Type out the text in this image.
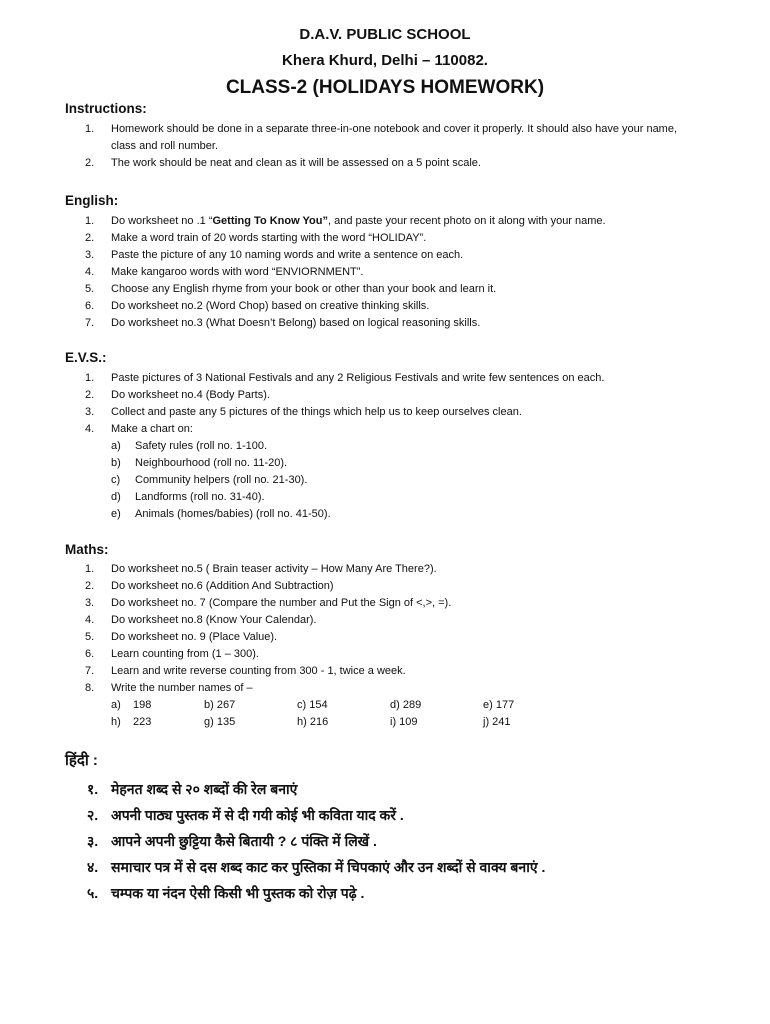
D.A.V. PUBLIC SCHOOL
Khera Khurd, Delhi – 110082.
CLASS-2 (HOLIDAYS HOMEWORK)
Instructions:
1.	Homework should be done in a separate three-in-one notebook and cover it properly. It should also have your name, class and roll number.
2.	The work should be neat and clean as it will be assessed on a 5 point scale.
English:
1.	Do worksheet no .1 “Getting To Know You”, and paste your recent photo on it along with your name.
2.	Make a word train of 20 words starting with the word “HOLIDAY”.
3.	Paste the picture of any 10 naming words and write a sentence on each.
4.	Make kangaroo words with word “ENVIORNMENT”.
5.	Choose any English rhyme from your book or other than your book and learn it.
6.	Do worksheet no.2 (Word Chop) based on creative thinking skills.
7.	Do worksheet no.3 (What Doesn’t Belong) based on logical reasoning skills.
E.V.S.:
1.	Paste pictures of 3 National Festivals and any 2 Religious Festivals and write few sentences on each.
2.	Do worksheet no.4 (Body Parts).
3.	Collect and paste any 5 pictures of the things which help us to keep ourselves clean.
4.	Make a chart on:
a) Safety rules (roll no. 1-100.
b) Neighbourhood (roll no. 11-20).
c) Community helpers (roll no. 21-30).
d) Landforms (roll no. 31-40).
e) Animals (homes/babies) (roll no. 41-50).
Maths:
1.	Do worksheet no.5 ( Brain teaser activity – How Many Are There?).
2.	Do worksheet no.6 (Addition And Subtraction)
3.	Do worksheet no. 7 (Compare the number and Put the Sign of <,>, =).
4.	Do worksheet no.8 (Know Your Calendar).
5.	Do worksheet no. 9 (Place Value).
6.	Learn counting from (1 – 300).
7.	Learn and write reverse counting from 300 - 1, twice a week.
8.	Write the number names of –
a)    198	b) 267	c) 154	d) 289	e) 177
h)    223	g) 135	h) 216	i) 109	j) 241
हिंदी :
१. मेहनत शब्द से २० शब्दों की रेल बनाएं
२. अपनी पाठ्य पुस्तक में से दी गयी कोई भी कविता याद करें .
३. आपने अपनी छुट्टिया कैसे बितायी ? ८ पंक्ति में लिखें .
४. समाचार पत्र में से दस शब्द काट कर पुस्तिका में चिपकाएं और उन शब्दों से वाक्य बनाएं .
५. चम्पक या नंदन ऐसी किसी भी पुस्तक को रोज़ पढ़े .
